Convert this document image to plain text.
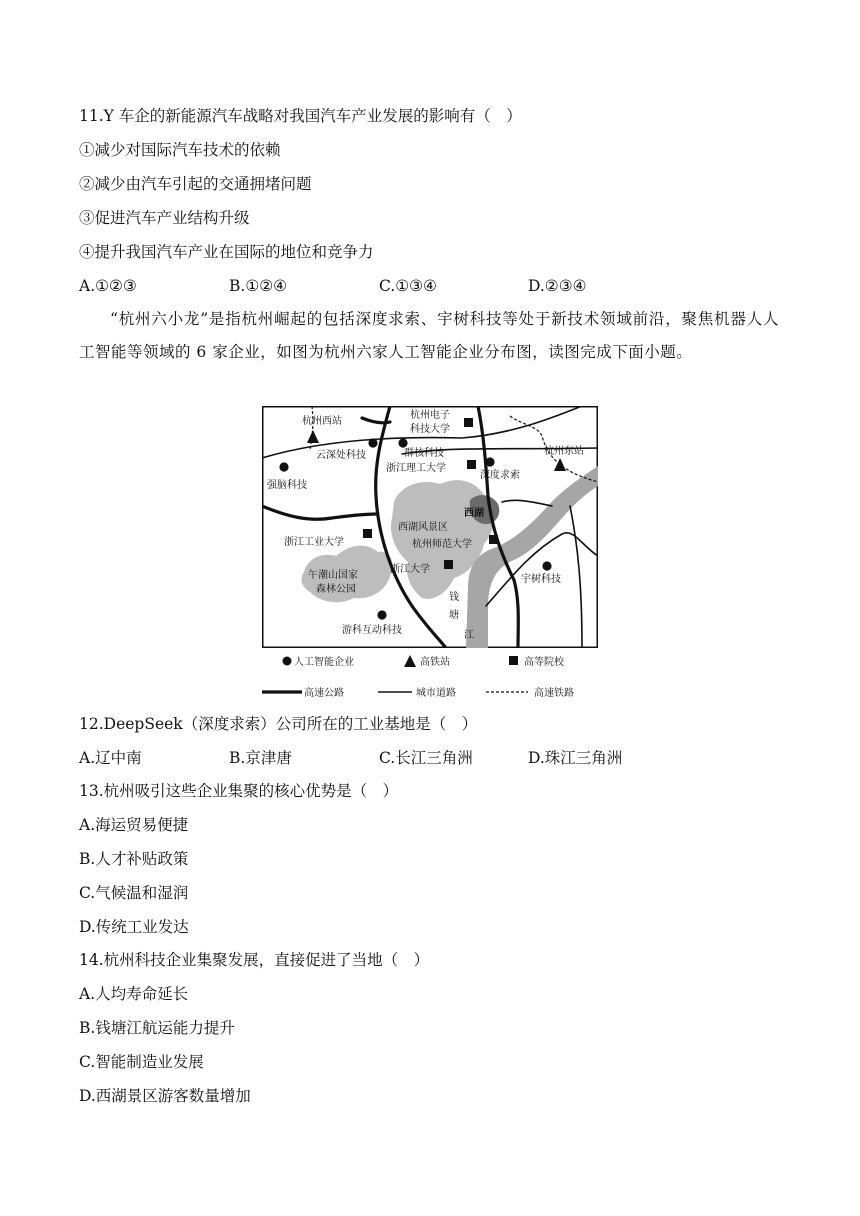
11.Y 车企的新能源汽车战略对我国汽车产业发展的影响有（　）
①减少对国际汽车技术的依赖
②减少由汽车引起的交通拥堵问题
③促进汽车产业结构升级
④提升我国汽车产业在国际的地位和竞争力
A.①②③	B.①②④	C.①③④	D.②③④
“杭州六小龙”是指杭州崛起的包括深度求索、宇树科技等处于新技术领域前沿，聚焦机器人人工智能等领域的 6 家企业，如图为杭州六家人工智能企业分布图，读图完成下面小题。
杭州西站
杭州电子
科技大学
云深处科技	群核科技
浙江理工大学
深度求索
杭州东站
强脑科技
西湖
西湖风景区
浙江工业大学	杭州师范大学
午潮山国家
森林公园
浙江大学
宇树科技
钱
塘
江
游科互动科技
人工智能企业	高铁站	高等院校
高速公路	城市道路	高速铁路
12.DeepSeek（深度求索）公司所在的工业基地是（　）
A.辽中南	B.京津唐	C.长江三角洲	D.珠江三角洲
13.杭州吸引这些企业集聚的核心优势是（　）
A.海运贸易便捷
B.人才补贴政策
C.气候温和湿润
D.传统工业发达
14.杭州科技企业集聚发展，直接促进了当地（　）
A.人均寿命延长
B.钱塘江航运能力提升
C.智能制造业发展
D.西湖景区游客数量增加
